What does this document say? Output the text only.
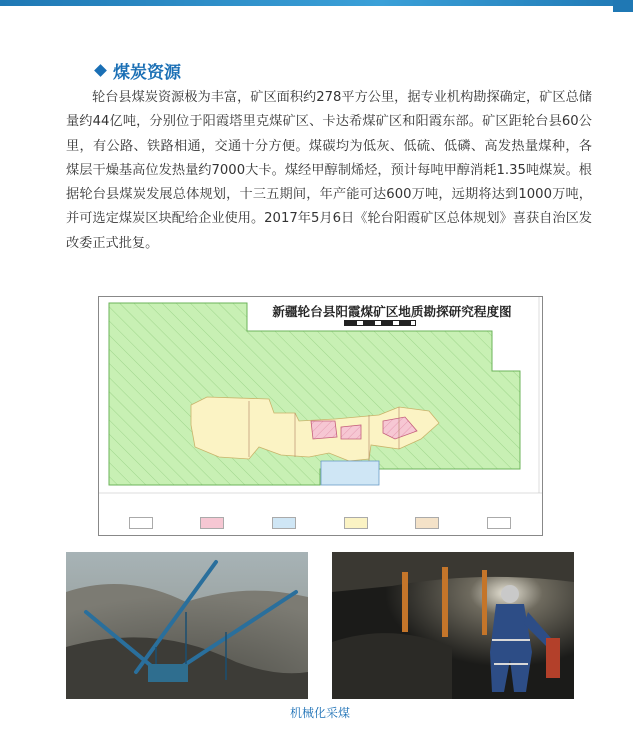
煤炭资源

轮台县煤炭资源极为丰富，矿区面积约278平方公里，据专业机构勘探确定，矿区总储量约44亿吨，分别位于阳霞塔里克煤矿区、卡达希煤矿区和阳霞东部。矿区距轮台县60公里，有公路、铁路相通，交通十分方便。煤碳均为低灰、低硫、低磷、高发热量煤种，各煤层干燥基高位发热量约7000大卡。煤经甲醇制烯烃，预计每吨甲醇消耗1.35吨煤炭。根据轮台县煤炭发展总体规划，十三五期间，年产能可达600万吨，远期将达到1000万吨，并可选定煤炭区块配给企业使用。2017年5月6日《轮台阳霞矿区总体规划》喜获自治区发改委正式批复。

新疆轮台县阳霞煤矿区地质勘探研究程度图
机械化采煤
